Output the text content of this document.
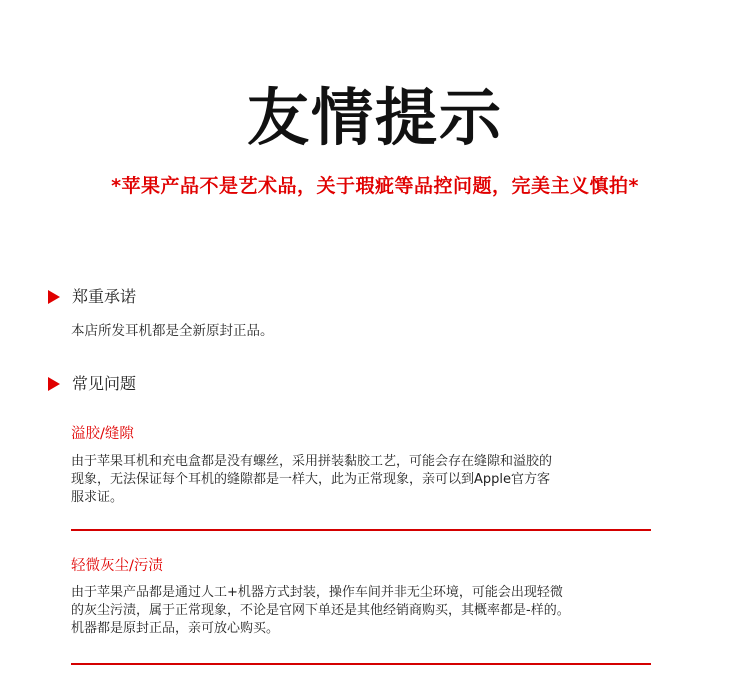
友情提示
*苹果产品不是艺术品，关于瑕疵等品控问题，完美主义慎拍*
郑重承诺
本店所发耳机都是全新原封正品。
常见问题
溢胶/缝隙
由于苹果耳机和充电盒都是没有螺丝，采用拼装黏胶工艺，可能会存在缝隙和溢胶的
现象，无法保证每个耳机的缝隙都是一样大，此为正常现象，亲可以到Apple官方客
服求证。
轻微灰尘/污渍
由于苹果产品都是通过人工+机器方式封装，操作车间并非无尘环境，可能会出现轻微
的灰尘污渍，属于正常现象，不论是官网下单还是其他经销商购买，其概率都是-样的。
机器都是原封正品，亲可放心购买。
